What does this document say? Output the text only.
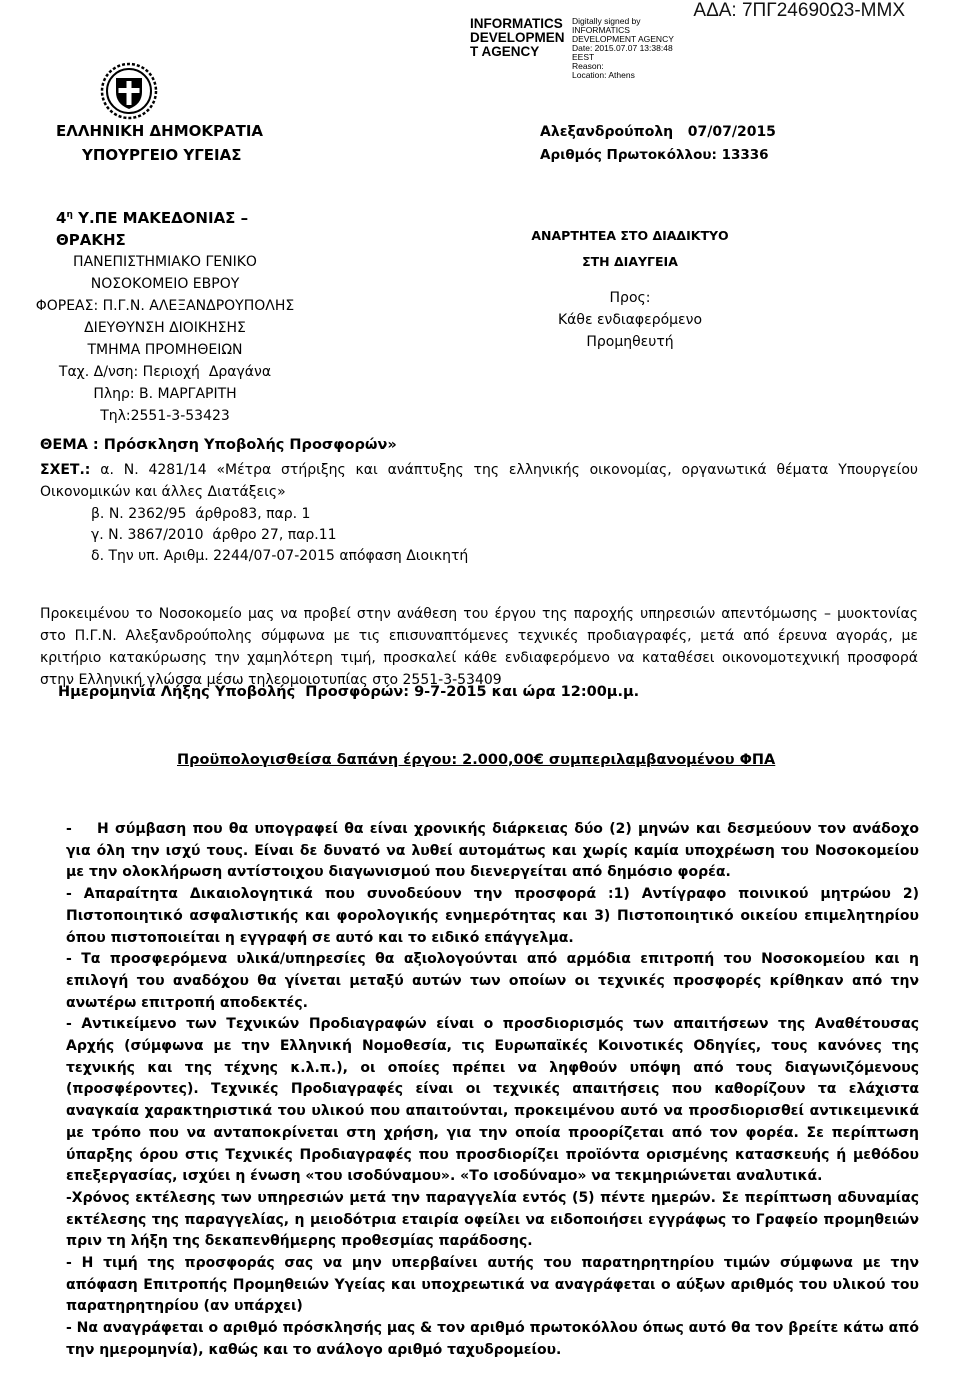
INFORMATICS
DEVELOPMEN
T AGENCY
Digitally signed by
INFORMATICS
DEVELOPMENT AGENCY
Date: 2015.07.07 13:38:48
EEST
Reason:
Location: Athens
ΑΔΑ: 7ΠΓ24690Ω3-ΜΜΧ
ΕΛΛΗΝΙΚΗ ΔΗΜΟΚΡΑΤΙΑ
ΥΠΟΥΡΓΕΙΟ ΥΓΕΙΑΣ
Αλεξανδρούπολη   07/07/2015
Αριθμός Πρωτοκόλλου: 13336
$4^\eta$ Υ.ΠΕ ΜΑΚΕΔΟΝΙΑΣ – ΘΡΑΚΗΣ
ΠΑΝΕΠΙΣΤΗΜΙΑΚΟ ΓΕΝΙΚΟ
ΝΟΣΟΚΟΜΕΙΟ ΕΒΡΟΥ
ΦΟΡΕΑΣ: Π.Γ.Ν. ΑΛΕΞΑΝΔΡΟΥΠΟΛΗΣ
ΔΙΕΥΘΥΝΣΗ ΔΙΟΙΚΗΣΗΣ
ΤΜΗΜΑ ΠΡΟΜΗΘΕΙΩΝ
Ταχ. Δ/νση: Περιοχή  Δραγάνα
Πληρ: Β. ΜΑΡΓΑΡΙΤΗ
Τηλ:2551-3-53423
ΑΝΑΡΤΗΤΕΑ ΣΤΟ ΔΙΑΔΙΚΤΥΟ
ΣΤΗ ΔΙΑΥΓΕΙΑ
Προς:
Κάθε ενδιαφερόμενο
Προμηθευτή
ΘΕΜΑ : Πρόσκληση Υποβολής Προσφορών»
ΣΧΕΤ.: α. Ν. 4281/14 «Μέτρα στήριξης και ανάπτυξης της ελληνικής οικονομίας, οργανωτικά θέματα Υπουργείου Οικονομικών και άλλες Διατάξεις»
β. Ν. 2362/95  άρθρο83, παρ. 1
γ. Ν. 3867/2010  άρθρο 27, παρ.11
δ. Την υπ. Αριθμ. 2244/07-07-2015 απόφαση Διοικητή
Προκειμένου το Νοσοκομείο μας να προβεί στην ανάθεση του έργου της παροχής υπηρεσιών απεντόμωσης – μυοκτονίας στο Π.Γ.Ν. Αλεξανδρούπολης σύμφωνα με τις επισυναπτόμενες τεχνικές προδιαγραφές, μετά από έρευνα αγοράς, με κριτήριο κατακύρωσης την χαμηλότερη τιμή, προσκαλεί κάθε ενδιαφερόμενο να καταθέσει οικονομοτεχνική προσφορά στην Ελληνική γλώσσα μέσω τηλεομοιοτυπίας στο 2551-3-53409
Ημερομηνία Λήξης Υποβολής  Προσφορών: 9-7-2015 και ώρα 12:00μ.μ.
Προϋπολογισθείσα δαπάνη έργου: 2.000,00€ συμπεριλαμβανομένου ΦΠΑ

-    Η σύμβαση που θα υπογραφεί θα είναι χρονικής διάρκειας δύο (2) μηνών και δεσμεύουν τον ανάδοχο για όλη την ισχύ τους. Είναι δε δυνατό να λυθεί αυτομάτως και χωρίς καμία υποχρέωση του Νοσοκομείου με την ολοκλήρωση αντίστοιχου διαγωνισμού που διενεργείται από δημόσιο φορέα.

- Απαραίτητα Δικαιολογητικά που συνοδεύουν την προσφορά :1) Αντίγραφο ποινικού μητρώου 2) Πιστοποιητικό ασφαλιστικής και φορολογικής ενημερότητας και 3) Πιστοποιητικό οικείου επιμελητηρίου όπου πιστοποιείται η εγγραφή σε αυτό και το ειδικό επάγγελμα.

- Τα προσφερόμενα υλικά/υπηρεσίες θα αξιολογούνται από αρμόδια επιτροπή του Νοσοκομείου και η επιλογή του αναδόχου θα γίνεται μεταξύ αυτών των οποίων οι τεχνικές προσφορές κρίθηκαν από την ανωτέρω επιτροπή αποδεκτές.

- Αντικείμενο των Τεχνικών Προδιαγραφών είναι ο προσδιορισμός των απαιτήσεων της Αναθέτουσας Αρχής (σύμφωνα με την Ελληνική Νομοθεσία, τις Ευρωπαϊκές Κοινοτικές Οδηγίες, τους κανόνες της τεχνικής και της τέχνης κ.λ.π.), οι οποίες πρέπει να ληφθούν υπόψη από τους διαγωνιζόμενους (προσφέροντες). Τεχνικές Προδιαγραφές είναι οι τεχνικές απαιτήσεις που καθορίζουν τα ελάχιστα αναγκαία χαρακτηριστικά του υλικού που απαιτούνται, προκειμένου αυτό να προσδιορισθεί αντικειμενικά με τρόπο που να ανταποκρίνεται στη χρήση, για την οποία προορίζεται από τον φορέα. Σε περίπτωση ύπαρξης όρου στις Τεχνικές Προδιαγραφές που προσδιορίζει προϊόντα ορισμένης κατασκευής ή μεθόδου επεξεργασίας, ισχύει η ένωση «του ισοδύναμου». «Το ισοδύναμο» να τεκμηριώνεται αναλυτικά.

-Χρόνος εκτέλεσης των υπηρεσιών μετά την παραγγελία εντός (5) πέντε ημερών. Σε περίπτωση αδυναμίας εκτέλεσης της παραγγελίας, η μειοδότρια εταιρία οφείλει να ειδοποιήσει εγγράφως το Γραφείο προμηθειών πριν τη λήξη της δεκαπενθήμερης προθεσμίας παράδοσης.

- Η τιμή της προσφοράς σας να μην υπερβαίνει αυτής του παρατηρητηρίου τιμών σύμφωνα με την απόφαση Επιτροπής Προμηθειών Υγείας και υποχρεωτικά να αναγράφεται ο αύξων αριθμός του υλικού του παρατηρητηρίου (αν υπάρχει)

- Να αναγράφεται ο αριθμό πρόσκλησής μας & τον αριθμό πρωτοκόλλου όπως αυτό θα τον βρείτε κάτω από την ημερομηνία), καθώς και το ανάλογο αριθμό ταχυδρομείου.
